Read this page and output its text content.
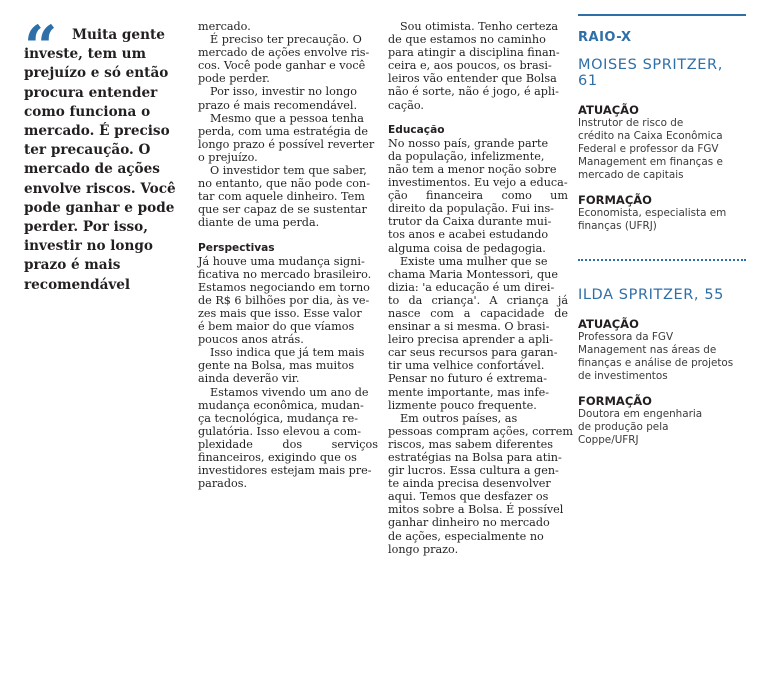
“	Muita gente
investe, tem um
prejuízo e só então
procura entender
como funciona o
mercado. É preciso
ter precaução. O
mercado de ações
envolve riscos. Você
pode ganhar e pode
perder. Por isso,
investir no longo
prazo é mais
recomendável
mercado.
É preciso ter precaução. O
mercado de ações envolve ris-
cos. Você pode ganhar e você
pode perder.
Por isso, investir no longo
prazo é mais recomendável.
Mesmo que a pessoa tenha
perda, com uma estratégia de
longo prazo é possível reverter
o prejuízo.
O investidor tem que saber,
no entanto, que não pode con-
tar com aquele dinheiro. Tem
que ser capaz de se sustentar
diante de uma perda.
Perspectivas
Já houve uma mudança signi-
ficativa no mercado brasileiro.
Estamos negociando em torno
de R$ 6 bilhões por dia, às ve-
zes mais que isso. Esse valor
é bem maior do que víamos
poucos anos atrás.
Isso indica que já tem mais
gente na Bolsa, mas muitos
ainda deverão vir.
Estamos vivendo um ano de
mudança econômica, mudan-
ça tecnológica, mudança re-
gulatória. Isso elevou a com-
plexidade dos serviços
financeiros, exigindo que os
investidores estejam mais pre-
parados.
Sou otimista. Tenho certeza
de que estamos no caminho
para atingir a disciplina finan-
ceira e, aos poucos, os brasi-
leiros vão entender que Bolsa
não é sorte, não é jogo, é apli-
cação.
Educação
No nosso país, grande parte
da população, infelizmente,
não tem a menor noção sobre
investimentos. Eu vejo a educa-
ção financeira como um
direito da população. Fui ins-
trutor da Caixa durante mui-
tos anos e acabei estudando
alguma coisa de pedagogia.
Existe uma mulher que se
chama Maria Montessori, que
dizia: 'a educação é um direi-
to da criança'. A criança já
nasce com a capacidade de
ensinar a si mesma. O brasi-
leiro precisa aprender a apli-
car seus recursos para garan-
tir uma velhice confortável.
Pensar no futuro é extrema-
mente importante, mas infe-
lizmente pouco frequente.
Em outros países, as
pessoas compram ações, correm
riscos, mas sabem diferentes
estratégias na Bolsa para atin-
gir lucros. Essa cultura a gen-
te ainda precisa desenvolver
aqui. Temos que desfazer os
mitos sobre a Bolsa. É possível
ganhar dinheiro no mercado
de ações, especialmente no
longo prazo.
RAIO-X
MOISES SPRITZER, 61
ATUAÇÃO
Instrutor de risco de
crédito na Caixa Econômica
Federal e professor da FGV
Management em finanças e
mercado de capitais
FORMAÇÃO
Economista, especialista em
finanças (UFRJ)
ILDA SPRITZER, 55
ATUAÇÃO
Professora da FGV
Management nas áreas de
finanças e análise de projetos
de investimentos
FORMAÇÃO
Doutora em engenharia
de produção pela
Coppe/UFRJ
